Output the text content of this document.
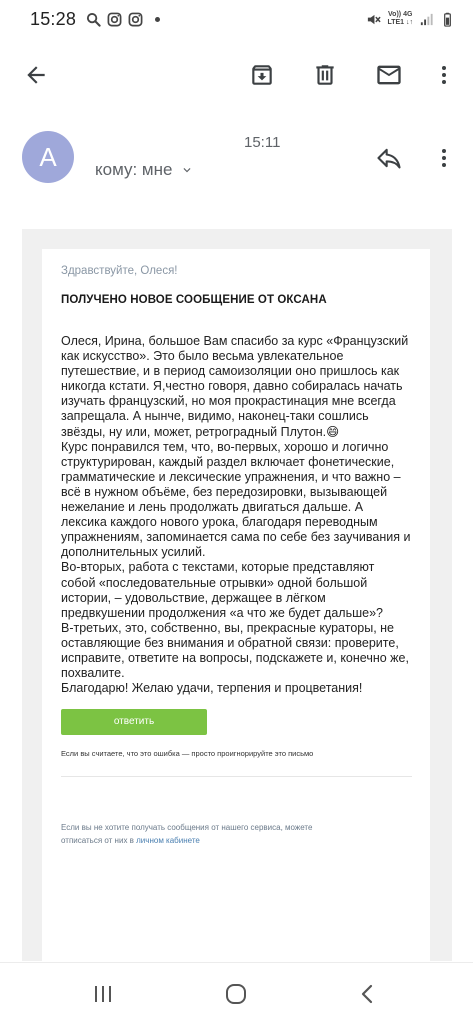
15:28	Vo)) 4G
LTE1 ↓↑
A	15:11
кому: мне
Здравствуйте, Олеся!
ПОЛУЧЕНО НОВОЕ СООБЩЕНИЕ ОТ ОКСАНА
Олеся, Ирина, большое Вам спасибо за курс «Французский как искусство». Это было весьма увлекательное путешествие, и в период самоизоляции оно пришлось как никогда кстати. Я,честно говоря, давно собиралась начать изучать французский, но моя прокрастинация мне всегда запрещала. А нынче, видимо, наконец-таки сошлись звёзды, ну или, может, ретроградный Плутон.😄
Курс понравился тем, что, во-первых, хорошо и логично структурирован, каждый раздел включает фонетические, грамматические и лексические упражнения, и что важно – всё в нужном объёме, без передозировки, вызывающей нежелание и лень продолжать двигаться дальше. А лексика каждого нового урока, благодаря переводным упражнениям, запоминается сама по себе без заучивания и дополнительных усилий.
Во-вторых, работа с текстами, которые представляют собой «последовательные отрывки» одной большой истории, – удовольствие, держащее в лёгком предвкушении продолжения «а что же будет дальше»?
В-третьих, это, собственно, вы, прекрасные кураторы, не оставляющие без внимания и обратной связи: проверите, исправите, ответите на вопросы, подскажете и, конечно же, похвалите.
Благодарю! Желаю удачи, терпения и процветания!
ответить
Если вы считаете, что это ошибка — просто проигнорируйте это письмо
Если вы не хотите получать сообщения от нашего сервиса, можете
отписаться от них в личном кабинете
